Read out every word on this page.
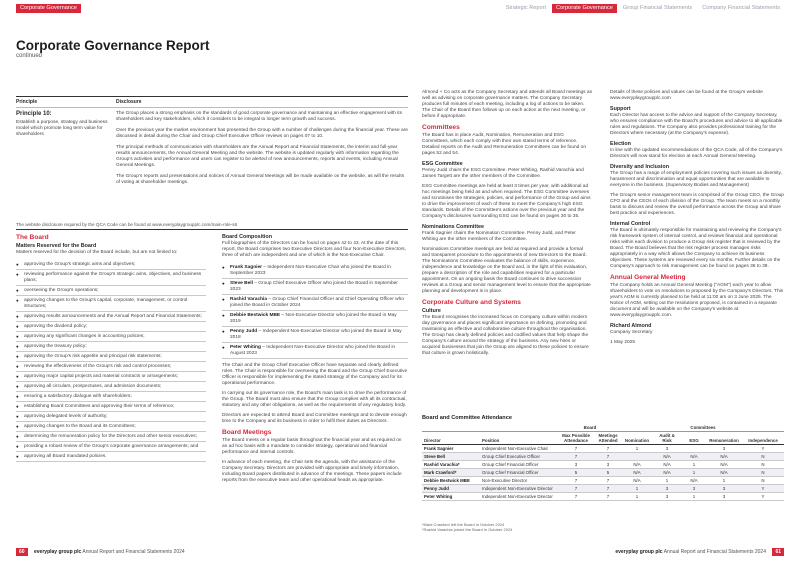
Corporate Governance	Strategic Report	Corporate Governance	Group Financial Statements	Company Financial Statements
Corporate Governance Report
continued
Principle	Disclosure
Principle 10:
Establish a purpose, strategy and business model which promote long term value for shareholders

The Group places a strong emphasis on the standards of good corporate governance and maintaining an effective engagement with its shareholders and key stakeholders, which it considers to be integral to longer term growth and success.

Over the previous year the market environment has presented the Group with a number of challenges during the financial year. These are discussed in detail during the Chair and Group Chief Executive Officer reviews on pages 07 to 10.

The principal methods of communication with shareholders are the Annual Report and Financial Statements, the interim and full-year results announcements, the Annual General Meeting and the website. The website is updated regularly with information regarding the Group's activities and performance and users can register to be alerted of new announcements, reports and events, including Annual General Meetings.

The Group's reports and presentations and notices of Annual General Meetings will be made available on the website, as will the results of voting at shareholder meetings.

The website disclosure required by the QCA Code can be found at www.everyplaygroupplc.com/main-role-s6
The Board
Matters Reserved for the Board
Matters reserved for the decision of the Board include, but are not limited to:
● approving the Group's strategic aims and objectives;
● reviewing performance against the Group's strategic aims, objectives, and business plans;
● overseeing the Group's operations;
● approving changes to the Group's capital, corporate, management, or control structures;
● approving results announcements and the Annual Report and Financial Statements;
● approving the dividend policy;
● approving any significant changes in accounting policies;
● approving the treasury policy;
● approving the Group's risk appetite and principal risk statements;
● reviewing the effectiveness of the Group's risk and control processes;
● approving major capital projects and material contracts or arrangements;
● approving all circulars, prospectuses, and admission documents;
● ensuring a satisfactory dialogue with shareholders;
● establishing Board Committees and approving their terms of reference;
● approving delegated levels of authority;
● approving changes to the Board and its Committees;
● determining the remuneration policy for the Directors and other senior executives;
● providing a robust review of the Group's corporate governance arrangements; and
● approving all Board mandated policies.
Board Composition
Full biographies of the Directors can be found on pages 42 to 43. At the date of this report, the Board comprises two Executive Directors and four Non-Executive Directors, three of which are independent and one of which is the Non-Executive Chair.
● Frank Sagnier – Independent Non-Executive Chair who joined the Board in September 2023
● Steve Bell – Group Chief Executive Officer who joined the Board in September 2023
● Rashid Varachia – Group Chief Financial Officer and Chief Operating Officer who joined the Board in October 2024
● Debbie Bestwick MBE – Non-Executive Director who joined the Board in May 2019
● Penny Judd – Independent Non-Executive Director who joined the Board in May 2018
● Peter Whiting – Independent Non-Executive Director who joined the Board in August 2023

The Chair and the Group Chief Executive Officer have separate and clearly defined roles. The Chair is responsible for overseeing the Board and the Group Chief Executive Officer is responsible for implementing the stated strategy of the Company and for its operational performance.

In carrying out its governance role, the Board's main task is to drive the performance of the Group. The Board must also ensure that the Group complies with all its contractual, statutory and any other obligations, as well as the requirements of any regulatory body.

Directors are expected to attend Board and Committee meetings and to devote enough time to the Company and its business in order to fulfil their duties as Directors.

Board Meetings

The Board meets on a regular basis throughout the financial year and as required on an ad hoc basis with a mandate to consider strategy, operational and financial performance and internal controls.

In advance of each meeting, the Chair sets the agenda, with the assistance of the Company Secretary. Directors are provided with appropriate and timely information, including Board papers distributed in advance of the meetings. These papers include reports from the executive team and other operational heads as appropriate.

Almond + Co acts as the Company Secretary and attends all Board meetings as well as advising on corporate governance matters. The Company Secretary produces full minutes of each meeting, including a log of actions to be taken. The Chair of the Board then follows up on each action at the next meeting, or before if appropriate.

Committees

The Board has in place Audit, Nomination, Remuneration and ESG Committees, which each comply with their own stated terms of reference. Detailed reports on the Audit and Remuneration Committees can be found on pages 52 and 54.

ESG Committee

Penny Judd chairs the ESG Committee. Peter Whiting, Rashid Varachia and James Targett are the other members of the Committee.

ESG Committee meetings are held at least 3 times per year, with additional ad hoc meetings being held as and when required. The ESG Committee oversees and scrutinises the strategies, policies, and performance of the Group and aims to drive the improvement of each of these to meet the Company's high ESG standards. Details of the Committee's actions over the previous year and the Company's disclosures surrounding ESG can be found on pages 30 to 35.

Nominations Committee

Frank Sagnier chairs the Nomination Committee. Penny Judd, and Peter Whiting are the other members of the Committee.

Nominations Committee meetings are held as required and provide a formal and transparent procedure to the appointments of new Directors to the Board. The Nominations Committee evaluates the balance of skills, experience, independence and knowledge on the Board and, in the light of this evaluation, prepare a description of the role and capabilities required for a particular appointment. On an ongoing basis the Board continues to drive succession reviews at a Group and senior management level to ensure that the appropriate planning and development is in place.

Corporate Culture and Systems
Culture

The Board recognises the increased focus on Company culture within modern day governance and places significant importance on defining, promoting and maintaining an effective and collaborative culture throughout the organisation. The Group has clearly defined policies and codified values that help shape the Company's culture around the strategy of the business. Any new hires or acquired businesses that join the Group are aligned to these policies to ensure that culture is grown holistically.

Details of these policies and values can be found at the Group's website www.everyplaygroupplc.com

Support

Each Director has access to the advice and support of the Company Secretary, who ensures compliance with the Board's procedures and advice to all applicable rules and regulations. The Company also provides professional training for the Directors where necessary (at the Company's expense).

Election

In line with the updated recommendations of the QCA Code, all of the Company's Directors will now stand for election at each Annual General Meeting.

Diversity and Inclusion

The Group has a range of employment policies covering such issues as diversity, harassment and discrimination and equal opportunities that are available to everyone in the business. (Supervisory Bodies and Management)

The Group's senior management team is comprised of the Group CEO, the Group CFO and the CEOs of each division of the Group. The team meets on a monthly basis to discuss and review the overall performance across the Group and share best practice and experiences.

Internal Control

The Board is ultimately responsible for maintaining and reviewing the Company's risk framework system of internal control, and reviews financial and operational risks within each division to produce a Group risk register that is reviewed by the Board. The Board believes that the risk register process manages risks appropriately in a way which allows the Company to achieve its business objectives. These systems are reviewed every six months. Further details on the Company's approach to risk management can be found on pages 36 to 38.

Annual General Meeting

The Company holds an Annual General Meeting ("AGM") each year to allow shareholders to vote on resolutions to proposed by the Company's Directors. This year's AGM is currently planned to be held at 11:00 am on 3 June 2025. The Notice of AGM, setting out the resolutions proposed, is contained in a separate document and will be available on the Company's website at www.everyplaygroupplc.com.

Richard Almond
Company Secretary
1 May 2025
Board and Committee Attendance
		Board		Committees				
Director	Position	Max Possible Attendance	Meetings Attended	Nomination	Audit & Risk	ESG	Remuneration	Independence
Frank Sagnier	Independent Non-Executive Chair	7	7	1	3		3	Y
Steve Bell	Group Chief Executive Officer	7	7		N/A	N/A	N/A	N
Rashid Varachia*	Group Chief Financial Officer	3	3	N/A	N/A	1	N/A	N
Mark Crawford*	Group Chief Financial Officer	5	5	N/A	N/A	1	N/A	N
Debbie Bestwick MBE	Non-Executive Director	7	7	N/A	1	N/A	1	N
Penny Judd	Independent Non-Executive Director	7	7	1	3	3	3	Y
Peter Whiting	Independent Non-Executive Director	7	7	1	3	1	3	Y
*Mark Crawford left the Board in October 2024
*Rashid Varachia joined the Board in October 2024
60	everyplay group plc Annual Report and Financial Statements 2024	everyplay group plc Annual Report and Financial Statements 2024	61
